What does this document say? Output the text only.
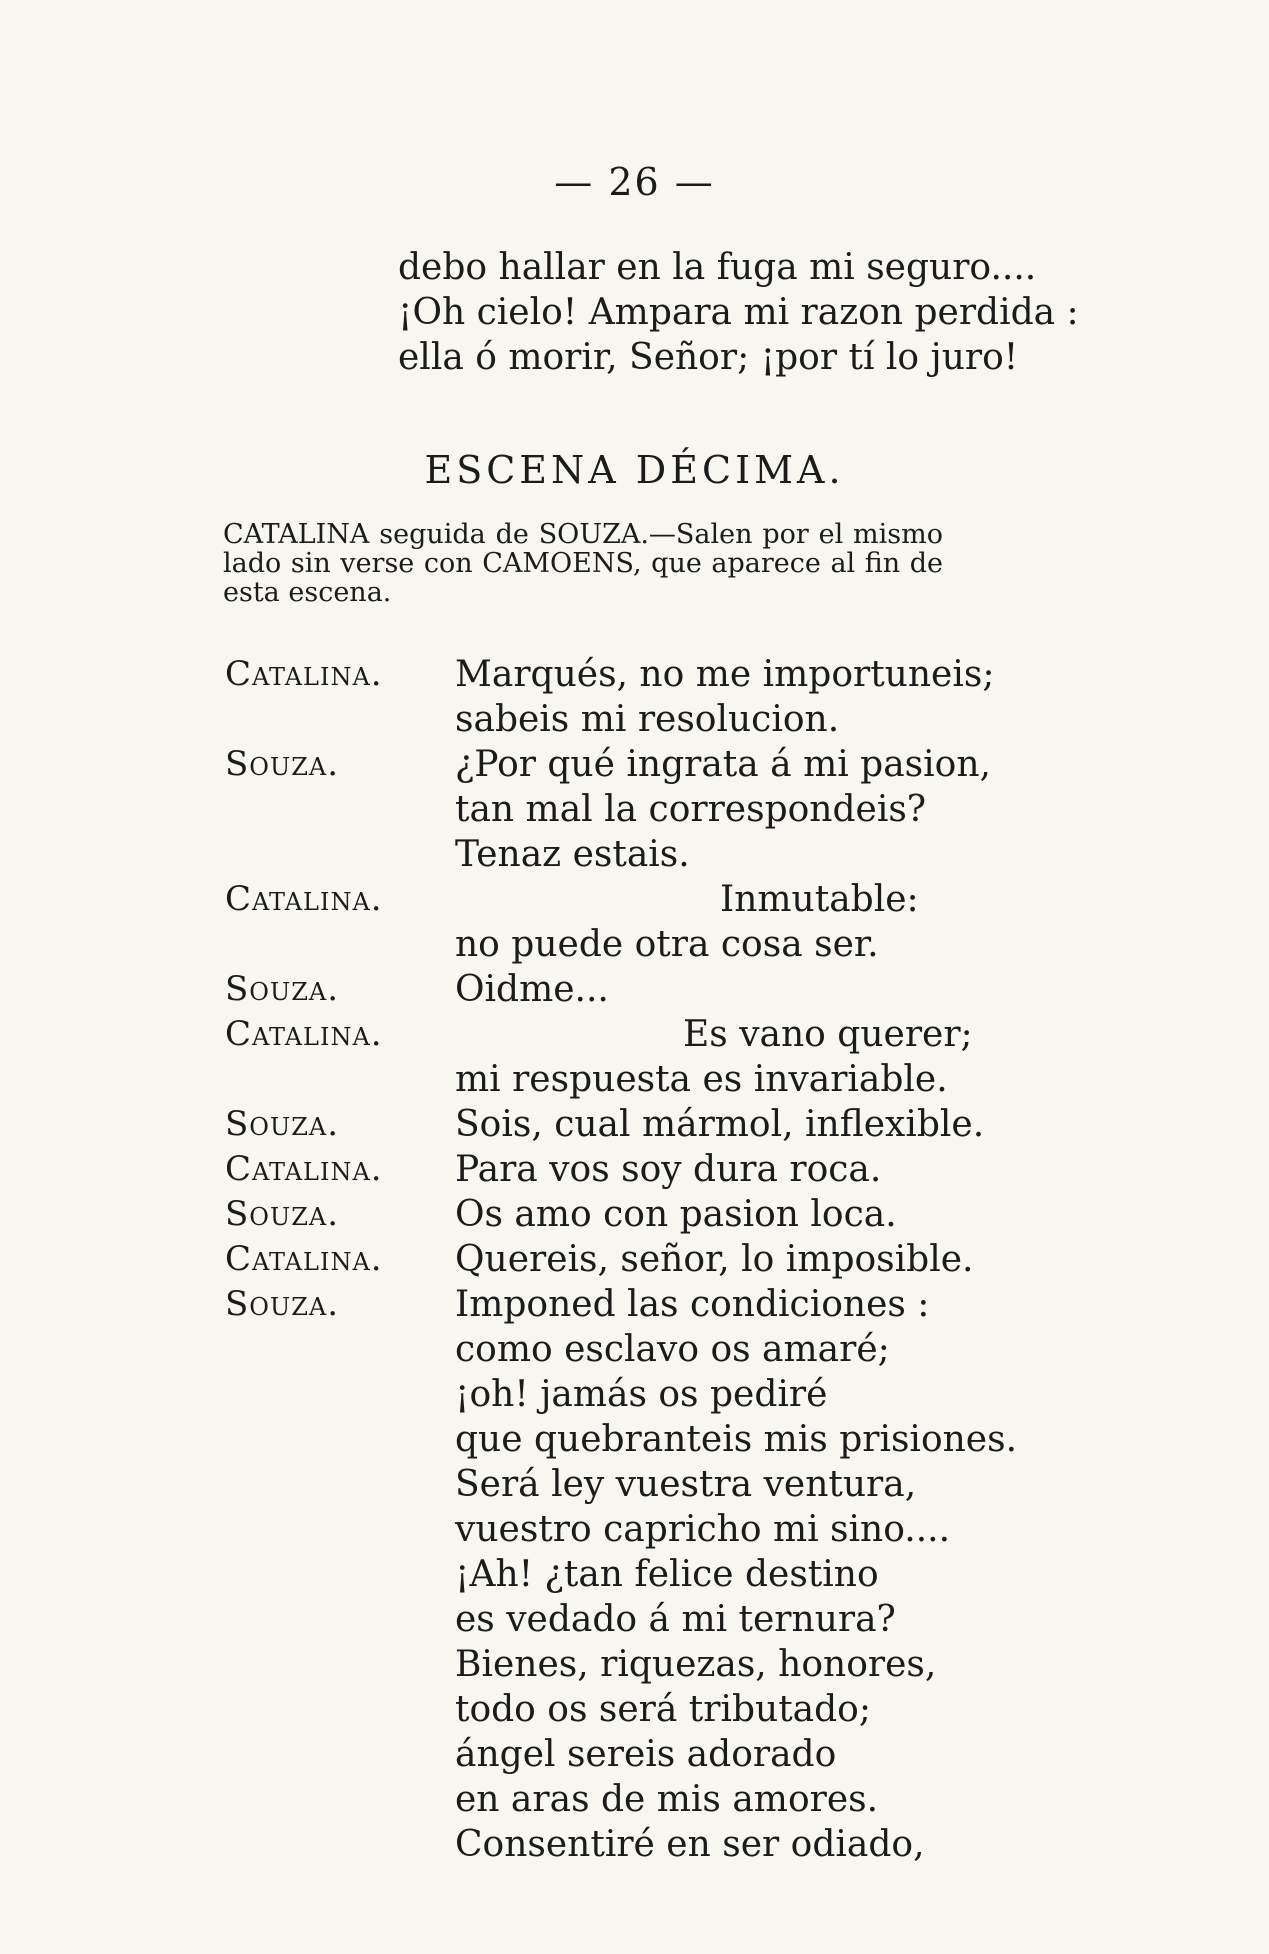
— 26 —
debo hallar en la fuga mi seguro....
¡Oh cielo! Ampara mi razon perdida :
ella ó morir, Señor; ¡por tí lo juro!
ESCENA DÉCIMA.
CATALINA seguida de SOUZA.—Salen por el mismo lado sin verse con CAMOENS, que aparece al fin de esta escena.
Catalina. Marqués, no me importuneis;
sabeis mi resolucion.
Souza.	¿Por qué ingrata á mi pasion,
tan mal la correspondeis?
Tenaz estais.
Catalina.	Inmutable:
no puede otra cosa ser.
Souza.	Oidme...
Catalina.	Es vano querer;
mi respuesta es invariable.
Souza.	Sois, cual mármol, inflexible.
Catalina. Para vos soy dura roca.
Souza.	Os amo con pasion loca.
Catalina. Quereis, señor, lo imposible.
Souza.	Imponed las condiciones :
como esclavo os amaré;
¡oh! jamás os pediré
que quebranteis mis prisiones.
Será ley vuestra ventura,
vuestro capricho mi sino....
¡Ah! ¿tan felice destino
es vedado á mi ternura?
Bienes, riquezas, honores,
todo os será tributado;
ángel sereis adorado
en aras de mis amores.
Consentiré en ser odiado,
